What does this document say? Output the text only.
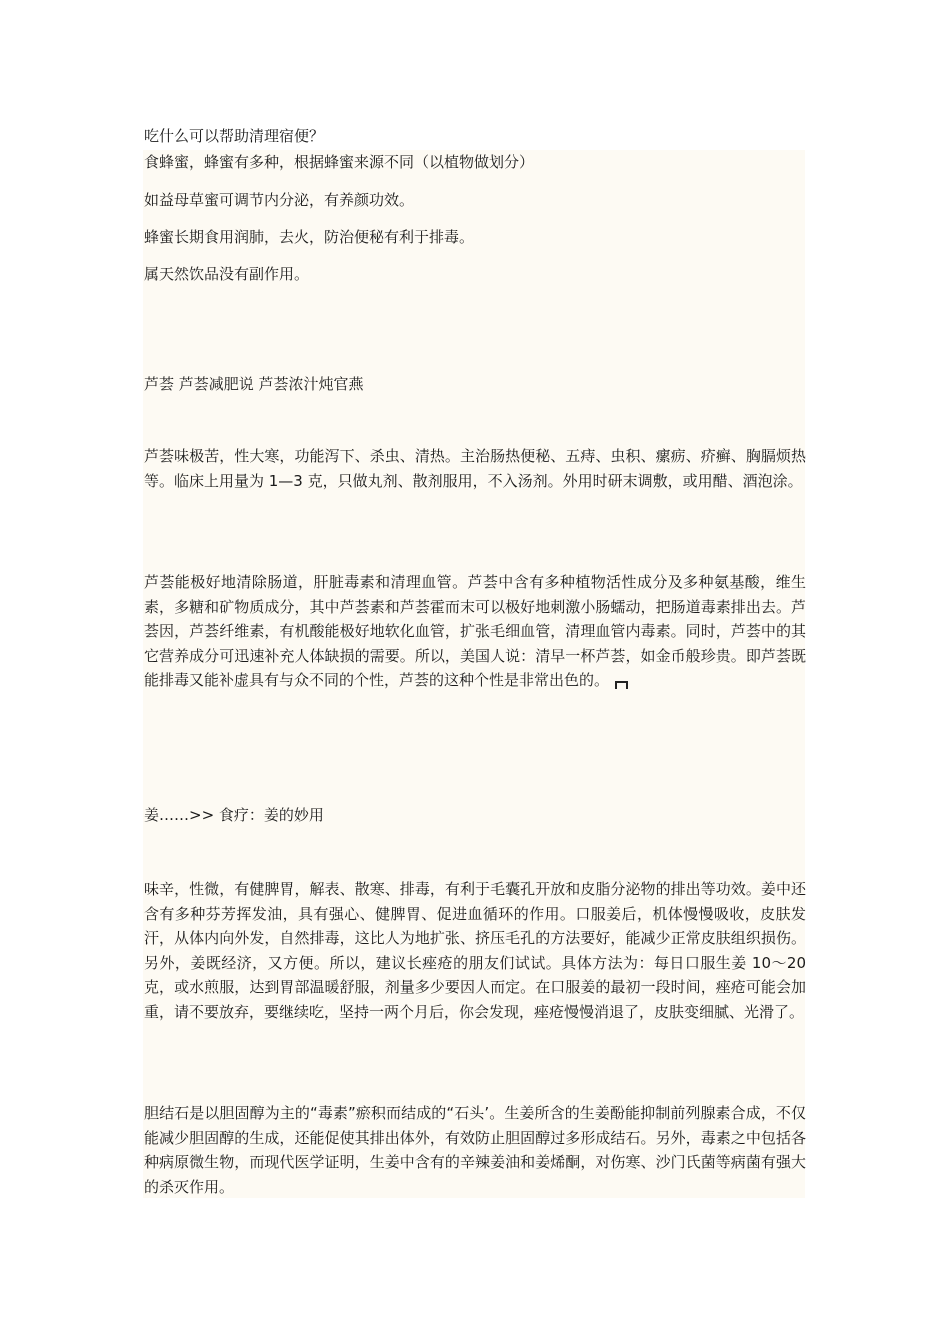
吃什么可以帮助清理宿便？

食蜂蜜，蜂蜜有多种，根据蜂蜜来源不同（以植物做划分）

如益母草蜜可调节内分泌，有养颜功效。

蜂蜜长期食用润肺，去火，防治便秘有利于排毒。

属天然饮品没有副作用。

芦荟 芦荟减肥说 芦荟浓汁炖官燕

芦荟味极苦，性大寒，功能泻下、杀虫、清热。主治肠热便秘、五痔、虫积、瘰疬、疥癣、胸膈烦热等。临床上用量为 1—3 克，只做丸剂、散剂服用，不入汤剂。外用时研末调敷，或用醋、酒泡涂。

芦荟能极好地清除肠道，肝脏毒素和清理血管。芦荟中含有多种植物活性成分及多种氨基酸，维生素，多糖和矿物质成分，其中芦荟素和芦荟霍而末可以极好地刺激小肠蠕动，把肠道毒素排出去。芦荟因，芦荟纤维素，有机酸能极好地软化血管，扩张毛细血管，清理血管内毒素。同时，芦荟中的其它营养成分可迅速补充人体缺损的需要。所以，美国人说：清早一杯芦荟，如金币般珍贵。即芦荟既能排毒又能补虚具有与众不同的个性，芦荟的这种个性是非常出色的。

姜……>> 食疗：姜的妙用

味辛，性微，有健脾胃，解表、散寒、排毒，有利于毛囊孔开放和皮脂分泌物的排出等功效。姜中还含有多种芬芳挥发油，具有强心、健脾胃、促进血循环的作用。口服姜后，机体慢慢吸收，皮肤发汗，从体内向外发，自然排毒，这比人为地扩张、挤压毛孔的方法要好，能减少正常皮肤组织损伤。另外，姜既经济，又方便。所以，建议长痤疮的朋友们试试。具体方法为：每日口服生姜 10～20 克，或水煎服，达到胃部温暖舒服，剂量多少要因人而定。在口服姜的最初一段时间，痤疮可能会加重，请不要放弃，要继续吃，坚持一两个月后，你会发现，痤疮慢慢消退了，皮肤变细腻、光滑了。

胆结石是以胆固醇为主的“毒素”瘀积而结成的“石头’。生姜所含的生姜酚能抑制前列腺素合成，不仅能减少胆固醇的生成，还能促使其排出体外，有效防止胆固醇过多形成结石。另外，毒素之中包括各种病原微生物，而现代医学证明，生姜中含有的辛辣姜油和姜烯酮，对伤寒、沙门氏菌等病菌有强大的杀灭作用。
